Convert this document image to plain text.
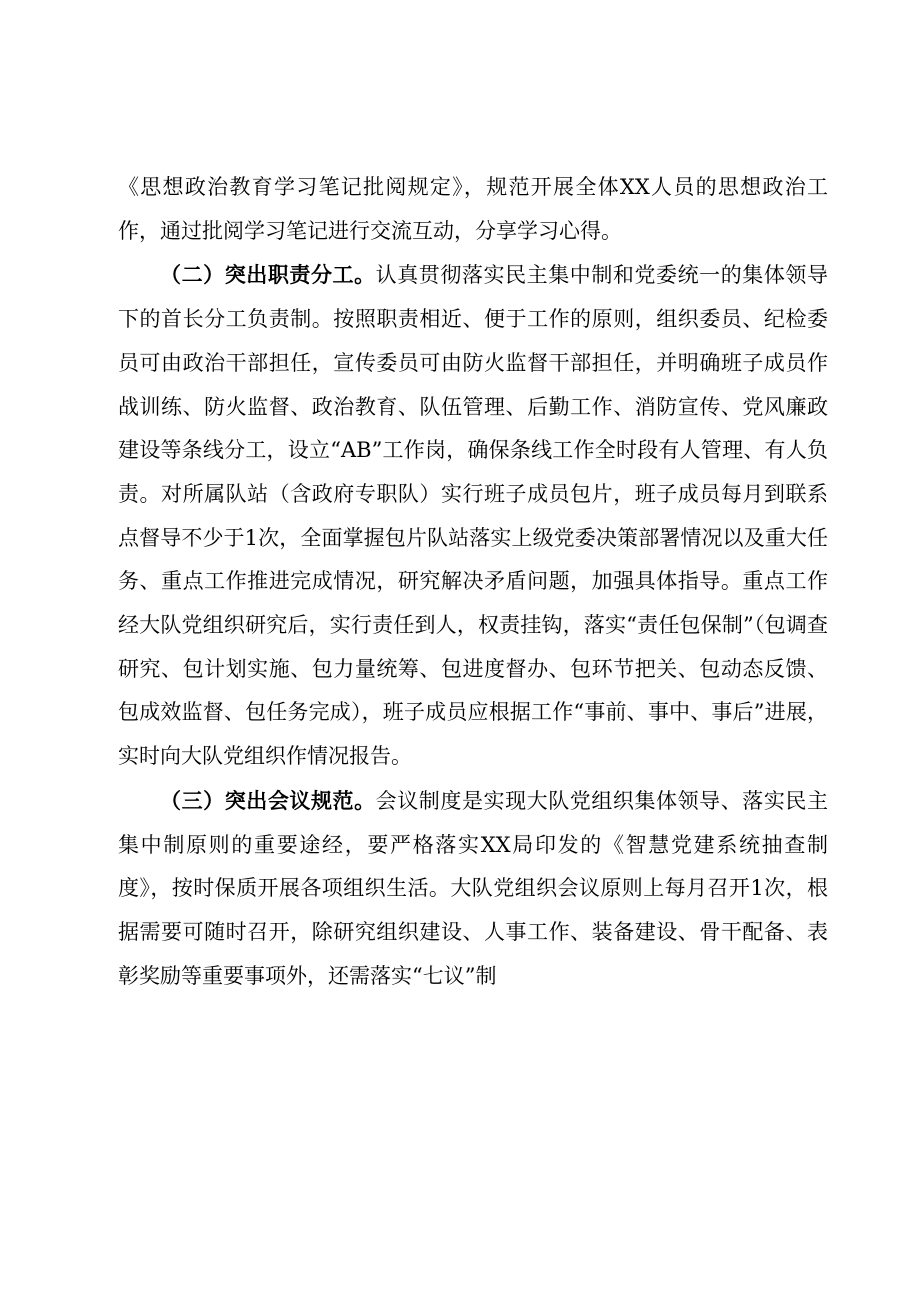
《思想政治教育学习笔记批阅规定》，规范开展全体XX人员的思想政治工作，通过批阅学习笔记进行交流互动，分享学习心得。

（二）突出职责分工。认真贯彻落实民主集中制和党委统一的集体领导下的首长分工负责制。按照职责相近、便于工作的原则，组织委员、纪检委员可由政治干部担任，宣传委员可由防火监督干部担任，并明确班子成员作战训练、防火监督、政治教育、队伍管理、后勤工作、消防宣传、党风廉政建设等条线分工，设立“AB”工作岗，确保条线工作全时段有人管理、有人负责。对所属队站（含政府专职队）实行班子成员包片，班子成员每月到联系点督导不少于1次，全面掌握包片队站落实上级党委决策部署情况以及重大任务、重点工作推进完成情况，研究解决矛盾问题，加强具体指导。重点工作经大队党组织研究后，实行责任到人，权责挂钩，落实“责任包保制”（包调查研究、包计划实施、包力量统筹、包进度督办、包环节把关、包动态反馈、包成效监督、包任务完成），班子成员应根据工作“事前、事中、事后”进展，实时向大队党组织作情况报告。

（三）突出会议规范。会议制度是实现大队党组织集体领导、落实民主集中制原则的重要途经，要严格落实XX局印发的《智慧党建系统抽查制度》，按时保质开展各项组织生活。大队党组织会议原则上每月召开1次，根据需要可随时召开，除研究组织建设、人事工作、装备建设、骨干配备、表彰奖励等重要事项外，还需落实“七议”制
